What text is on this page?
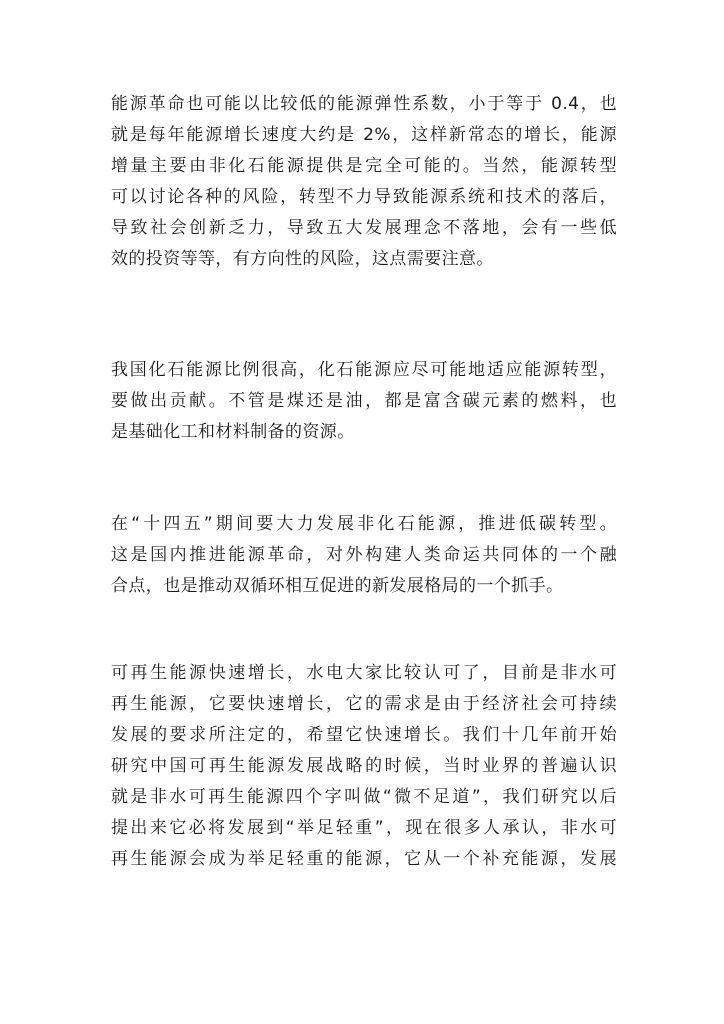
能源革命也可能以比较低的能源弹性系数，小于等于 0.4，也
就是每年能源增长速度大约是 2%，这样新常态的增长，能源
增量主要由非化石能源提供是完全可能的。当然，能源转型
可以讨论各种的风险，转型不力导致能源系统和技术的落后，
导致社会创新乏力，导致五大发展理念不落地，会有一些低
效的投资等等，有方向性的风险，这点需要注意。
我国化石能源比例很高，化石能源应尽可能地适应能源转型，
要做出贡献。不管是煤还是油，都是富含碳元素的燃料，也
是基础化工和材料制备的资源。
在“十四五”期间要大力发展非化石能源，推进低碳转型。
这是国内推进能源革命，对外构建人类命运共同体的一个融
合点，也是推动双循环相互促进的新发展格局的一个抓手。
可再生能源快速增长，水电大家比较认可了，目前是非水可
再生能源，它要快速增长，它的需求是由于经济社会可持续
发展的要求所注定的，希望它快速增长。我们十几年前开始
研究中国可再生能源发展战略的时候，当时业界的普遍认识
就是非水可再生能源四个字叫做“微不足道”，我们研究以后
提出来它必将发展到“举足轻重”，现在很多人承认，非水可
再生能源会成为举足轻重的能源，它从一个补充能源，发展
